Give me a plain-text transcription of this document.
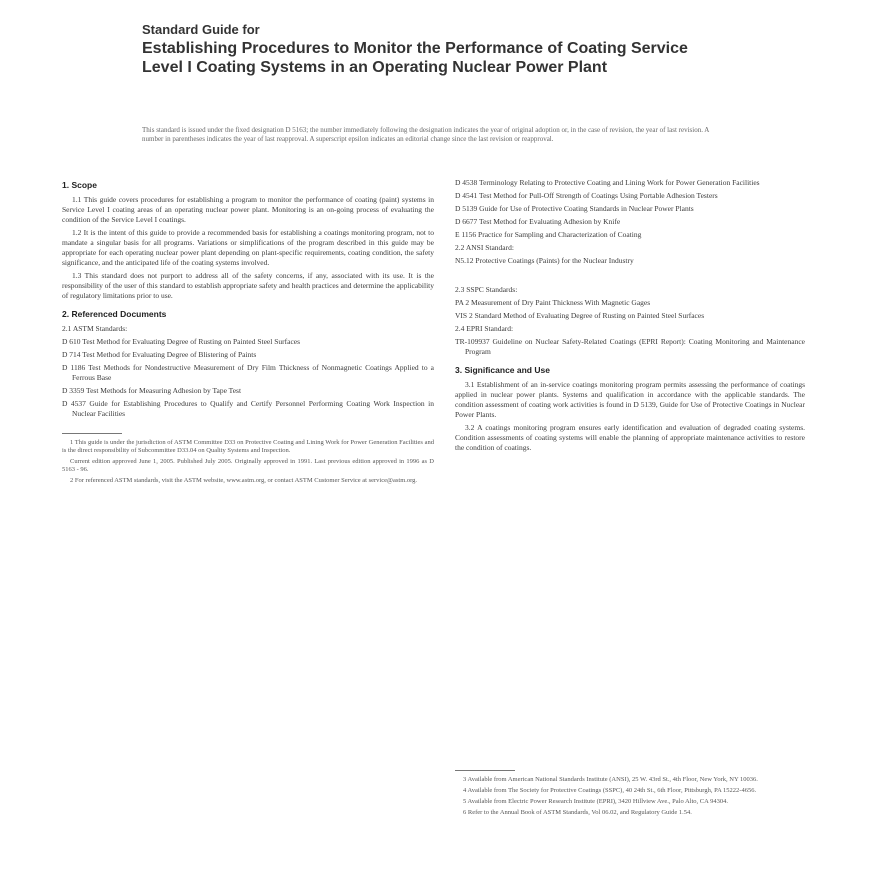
Standard Guide for

Establishing Procedures to Monitor the Performance of Coating Service Level I Coating Systems in an Operating Nuclear Power Plant

This standard is issued under the fixed designation D 5163; the number immediately following the designation indicates the year of original adoption or, in the case of revision, the year of last revision. A number in parentheses indicates the year of last reapproval. A superscript epsilon indicates an editorial change since the last revision or reapproval.
1. Scope

1.1 This guide covers procedures for establishing a program to monitor the performance of coating (paint) systems in Service Level I coating areas of an operating nuclear power plant. Monitoring is an on-going process of evaluating the condition of the Service Level I coatings.

1.2 It is the intent of this guide to provide a recommended basis for establishing a coatings monitoring program, not to mandate a singular basis for all programs. Variations or simplifications of the program described in this guide may be appropriate for each operating nuclear power plant depending on plant-specific requirements, coating condition, the safety significance, and the anticipated life of the coating systems involved.

1.3 This standard does not purport to address all of the safety concerns, if any, associated with its use. It is the responsibility of the user of this standard to establish appropriate safety and health practices and determine the applicability of regulatory limitations prior to use.

2. Referenced Documents

2.1 ASTM Standards:

D 610 Test Method for Evaluating Degree of Rusting on Painted Steel Surfaces

D 714 Test Method for Evaluating Degree of Blistering of Paints

D 1186 Test Methods for Nondestructive Measurement of Dry Film Thickness of Nonmagnetic Coatings Applied to a Ferrous Base

D 3359 Test Methods for Measuring Adhesion by Tape Test

D 4537 Guide for Establishing Procedures to Qualify and Certify Personnel Performing Coating Work Inspection in Nuclear Facilities

1 This guide is under the jurisdiction of ASTM Committee D33 on Protective Coating and Lining Work for Power Generation Facilities and is the direct responsibility of Subcommittee D33.04 on Quality Systems and Inspection.

Current edition approved June 1, 2005. Published July 2005. Originally approved in 1991. Last previous edition approved in 1996 as D 5163 - 96.

2 For referenced ASTM standards, visit the ASTM website, www.astm.org, or contact ASTM Customer Service at service@astm.org.

D 4538 Terminology Relating to Protective Coating and Lining Work for Power Generation Facilities

D 4541 Test Method for Pull-Off Strength of Coatings Using Portable Adhesion Testers

D 5139 Guide for Use of Protective Coating Standards in Nuclear Power Plants

D 6677 Test Method for Evaluating Adhesion by Knife

E 1156 Practice for Sampling and Characterization of Coating

2.2 ANSI Standard:

N5.12 Protective Coatings (Paints) for the Nuclear Industry

2.3 SSPC Standards:

PA 2 Measurement of Dry Paint Thickness With Magnetic Gages

VIS 2 Standard Method of Evaluating Degree of Rusting on Painted Steel Surfaces

2.4 EPRI Standard:

TR-109937 Guideline on Nuclear Safety-Related Coatings (EPRI Report): Coating Monitoring and Maintenance Program

3. Significance and Use

3.1 Establishment of an in-service coatings monitoring program permits assessing the performance of coatings applied in nuclear power plants. Systems and qualification in accordance with the applicable standards. The condition assessment of coating work activities is found in D 5139, Guide for Use of Protective Coatings in Nuclear Power Plants.

3.2 A coatings monitoring program ensures early identification and evaluation of degraded coating systems. Condition assessments of coating systems will enable the planning of appropriate maintenance activities to restore the condition of coatings.

3 Available from American National Standards Institute (ANSI), 25 W. 43rd St., 4th Floor, New York, NY 10036.

4 Available from The Society for Protective Coatings (SSPC), 40 24th St., 6th Floor, Pittsburgh, PA 15222-4656.

5 Available from Electric Power Research Institute (EPRI), 3420 Hillview Ave., Palo Alto, CA 94304.

6 Refer to the Annual Book of ASTM Standards, Vol 06.02, and Regulatory Guide 1.54.
